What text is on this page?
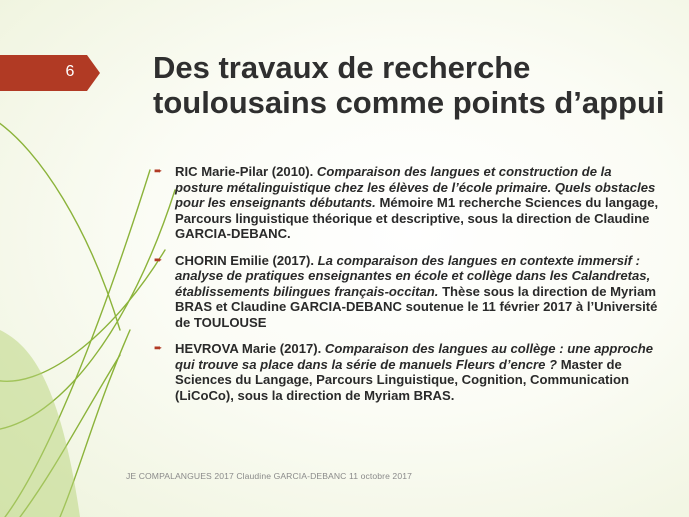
6	Des travaux de recherche toulousains comme points d’appui
➨ RIC Marie-Pilar (2010). Comparaison des langues et construction de la posture métalinguistique chez les élèves de l’école primaire. Quels obstacles pour les enseignants débutants. Mémoire M1 recherche Sciences du langage, Parcours linguistique théorique et descriptive, sous la direction de Claudine GARCIA-DEBANC.
➨ CHORIN Emilie (2017). La comparaison des langues en contexte immersif : analyse de pratiques enseignantes en école et collège dans les Calandretas, établissements bilingues français-occitan. Thèse sous la direction de Myriam BRAS et Claudine GARCIA-DEBANC soutenue le 11 février 2017 à l’Université de TOULOUSE
➨ HEVROVA Marie (2017). Comparaison des langues au collège : une approche qui trouve sa place dans la série de manuels Fleurs d’encre ? Master de Sciences du Langage, Parcours Linguistique, Cognition, Communication (LiCoCo), sous la direction de Myriam BRAS.
JE COMPALANGUES 2017 Claudine GARCIA-DEBANC 11 octobre 2017
